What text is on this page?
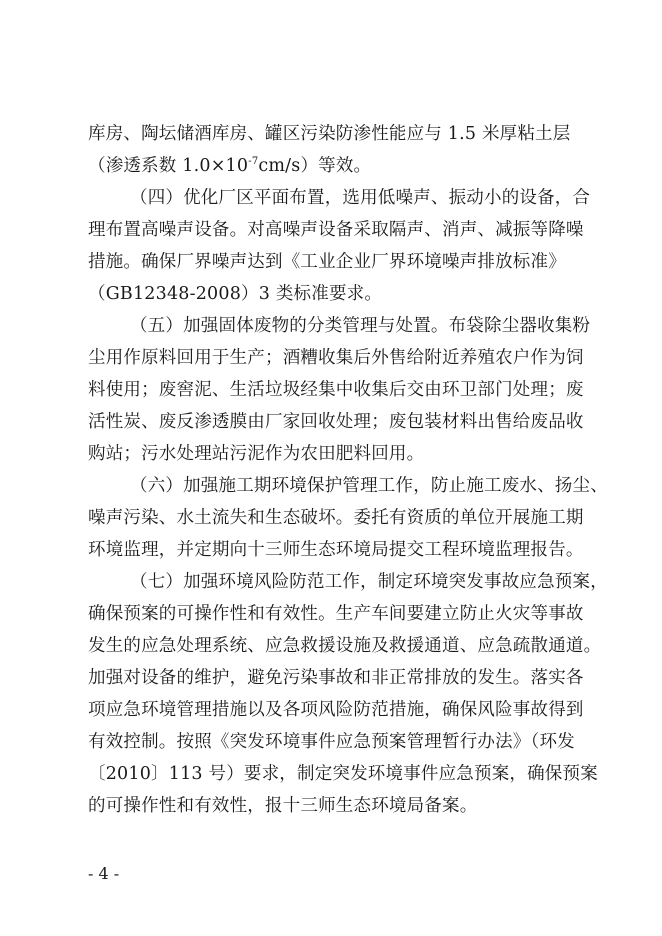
库房、陶坛储酒库房、罐区污染防渗性能应与 1.5 米厚粘土层
（渗透系数 $1.0\times 10^{-7}cm/s$）等效。
（四）优化厂区平面布置，选用低噪声、振动小的设备，合
理布置高噪声设备。对高噪声设备采取隔声、消声、减振等降噪
措施。确保厂界噪声达到《工业企业厂界环境噪声排放标准》
（GB12348-2008）3 类标准要求。
（五）加强固体废物的分类管理与处置。布袋除尘器收集粉
尘用作原料回用于生产；酒糟收集后外售给附近养殖农户作为饲
料使用；废窖泥、生活垃圾经集中收集后交由环卫部门处理；废
活性炭、废反渗透膜由厂家回收处理；废包装材料出售给废品收
购站；污水处理站污泥作为农田肥料回用。
（六）加强施工期环境保护管理工作，防止施工废水、扬尘、
噪声污染、水土流失和生态破坏。委托有资质的单位开展施工期
环境监理，并定期向十三师生态环境局提交工程环境监理报告。
（七）加强环境风险防范工作，制定环境突发事故应急预案，
确保预案的可操作性和有效性。生产车间要建立防止火灾等事故
发生的应急处理系统、应急救援设施及救援通道、应急疏散通道。
加强对设备的维护，避免污染事故和非正常排放的发生。落实各
项应急环境管理措施以及各项风险防范措施，确保风险事故得到
有效控制。按照《突发环境事件应急预案管理暂行办法》（环发
〔2010〕113 号）要求，制定突发环境事件应急预案，确保预案
的可操作性和有效性，报十三师生态环境局备案。
- 4 -
